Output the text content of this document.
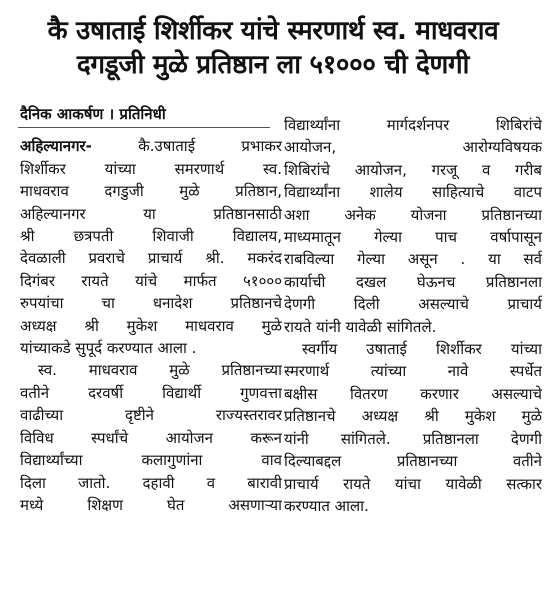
कै उषाताई शिर्शीकर यांचे स्मरणार्थ स्व. माधवराव
दगडूजी मुळे प्रतिष्ठान ला ५१००० ची देणगी
दैनिक आकर्षण । प्रतिनिधी
अहिल्यानगर- कै.उषाताई प्रभाकर
शिर्शीकर यांच्या समरणार्थ स्व.
माधवराव दगडुजी मुळे प्रतिष्ठान,
अहिल्यानगर या प्रतिष्ठानसाठी
श्री छत्रपती शिवाजी विद्यालय,
देवळाली प्रवराचे प्राचार्य श्री. मकरंद
दिगंबर रायते यांचे मार्फत ५१०००
रुपयांचा चा धनादेश प्रतिष्ठानचे
अध्यक्ष श्री मुकेश माधवराव मुळे
यांच्याकडे सुपूर्द करण्यात आला .
स्व. माधवराव मुळे प्रतिष्ठानच्या
वतीने दरवर्षी विद्यार्थी गुणवत्ता
वाढीच्या दृष्टीने राज्यस्तरावर
विविध स्पर्धांचे आयोजन करून
विद्यार्थ्यांच्या कलागुणांना वाव
दिला जातो. दहावी व बारावी
मध्ये शिक्षण घेत असणाऱ्या
विद्यार्थ्यांना मार्गदर्शनपर शिबिरांचे
आयोजन, आरोग्यविषयक
शिबिरांचे आयोजन, गरजू व गरीब
विद्यार्थ्यांना शालेय साहित्याचे वाटप
अशा अनेक योजना प्रतिष्ठानच्या
माध्यमातून गेल्या पाच वर्षापासून
राबविल्या गेल्या असून . या सर्व
कार्याची दखल घेऊनच प्रतिष्ठानला
देणगी दिली असल्याचे प्राचार्य
रायते यांनी यावेळी सांगितले.
स्वर्गीय उषाताई शिर्शीकर यांच्या
स्मरणार्थ त्यांच्या नावे स्पर्धेत
बक्षीस वितरण करणार असल्याचे
प्रतिष्ठानचे अध्यक्ष श्री मुकेश मुळे
यांनी सांगितले. प्रतिष्ठानला देणगी
दिल्याबद्दल प्रतिष्ठानच्या वतीने
प्राचार्य रायते यांचा यावेळी सत्कार
करण्यात आला.
